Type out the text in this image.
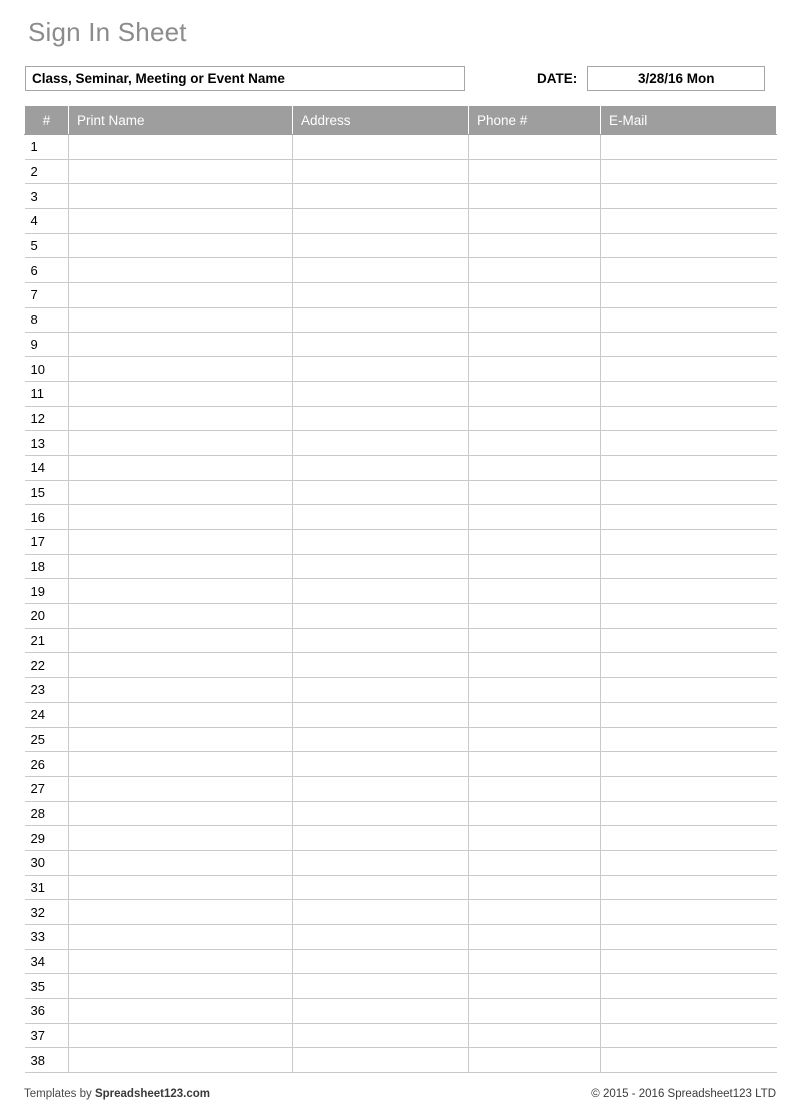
Sign In Sheet
Class, Seminar, Meeting or Event Name	DATE:	3/28/16 Mon
#	Print Name	Address	Phone #	E-Mail
1				
2				
3				
4				
5				
6				
7				
8				
9				
10				
11				
12				
13				
14				
15				
16				
17				
18				
19				
20				
21				
22				
23				
24				
25				
26				
27				
28				
29				
30				
31				
32				
33				
34				
35				
36				
37				
38				
Templates by Spreadsheet123.com	© 2015 - 2016 Spreadsheet123 LTD
